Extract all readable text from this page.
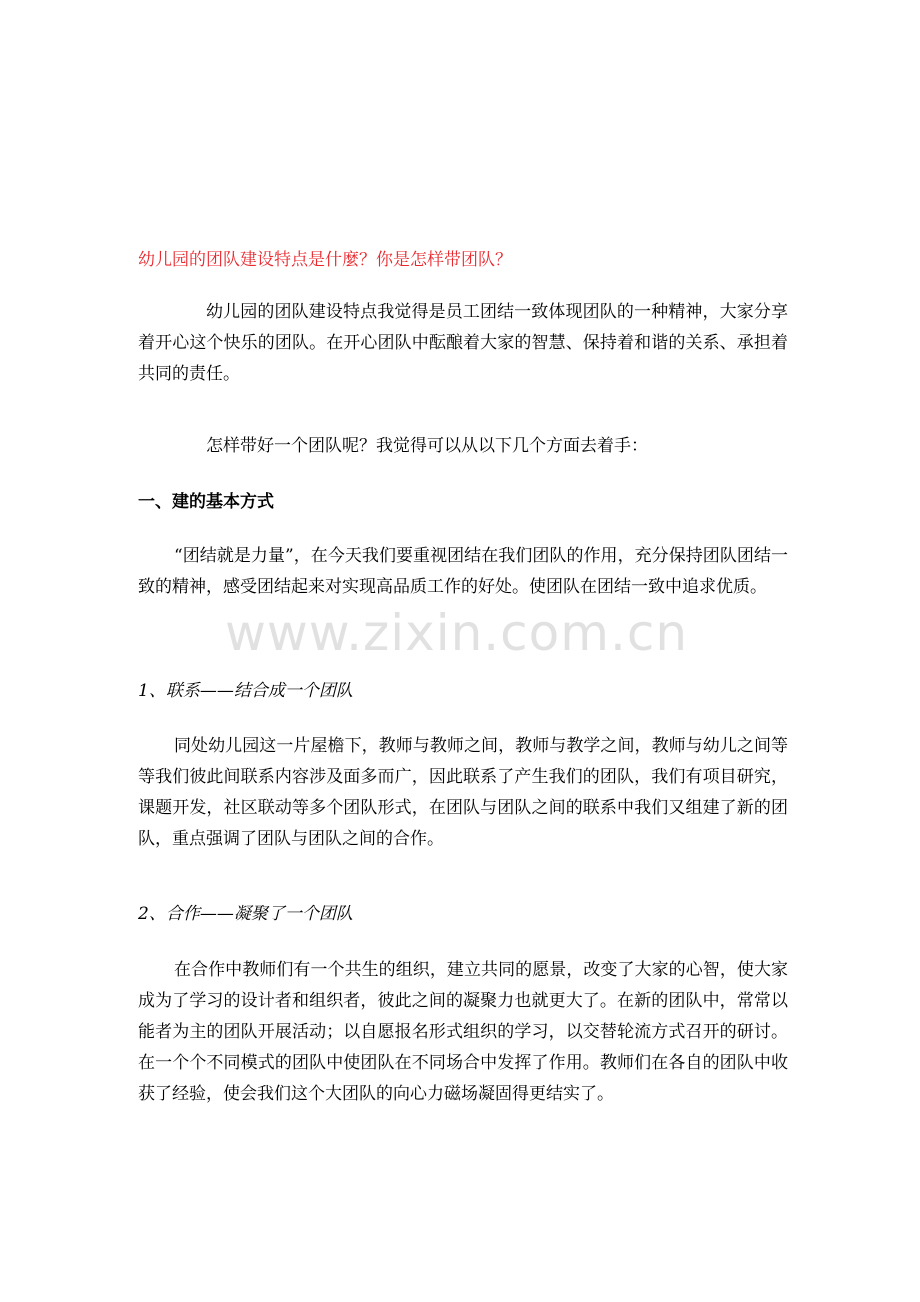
幼儿园的团队建设特点是什麼？你是怎样带团队？

幼儿园的团队建设特点我觉得是员工团结一致体现团队的一种精神，大家分享着开心这个快乐的团队。在开心团队中酝酿着大家的智慧、保持着和谐的关系、承担着共同的责任。

怎样带好一个团队呢？我觉得可以从以下几个方面去着手：

一、建的基本方式

“团结就是力量”，在今天我们要重视团结在我们团队的作用，充分保持团队团结一致的精神，感受团结起来对实现高品质工作的好处。使团队在团结一致中追求优质。

1、联系——结合成一个团队

同处幼儿园这一片屋檐下，教师与教师之间，教师与教学之间，教师与幼儿之间等等我们彼此间联系内容涉及面多而广，因此联系了产生我们的团队，我们有项目研究，课题开发，社区联动等多个团队形式，在团队与团队之间的联系中我们又组建了新的团队，重点强调了团队与团队之间的合作。

2、合作——凝聚了一个团队

在合作中教师们有一个共生的组织，建立共同的愿景，改变了大家的心智，使大家成为了学习的设计者和组织者，彼此之间的凝聚力也就更大了。在新的团队中，常常以能者为主的团队开展活动；以自愿报名形式组织的学习，以交替轮流方式召开的研讨。在一个个不同模式的团队中使团队在不同场合中发挥了作用。教师们在各自的团队中收获了经验，使会我们这个大团队的向心力磁场凝固得更结实了。

www.zixin.com.cn
